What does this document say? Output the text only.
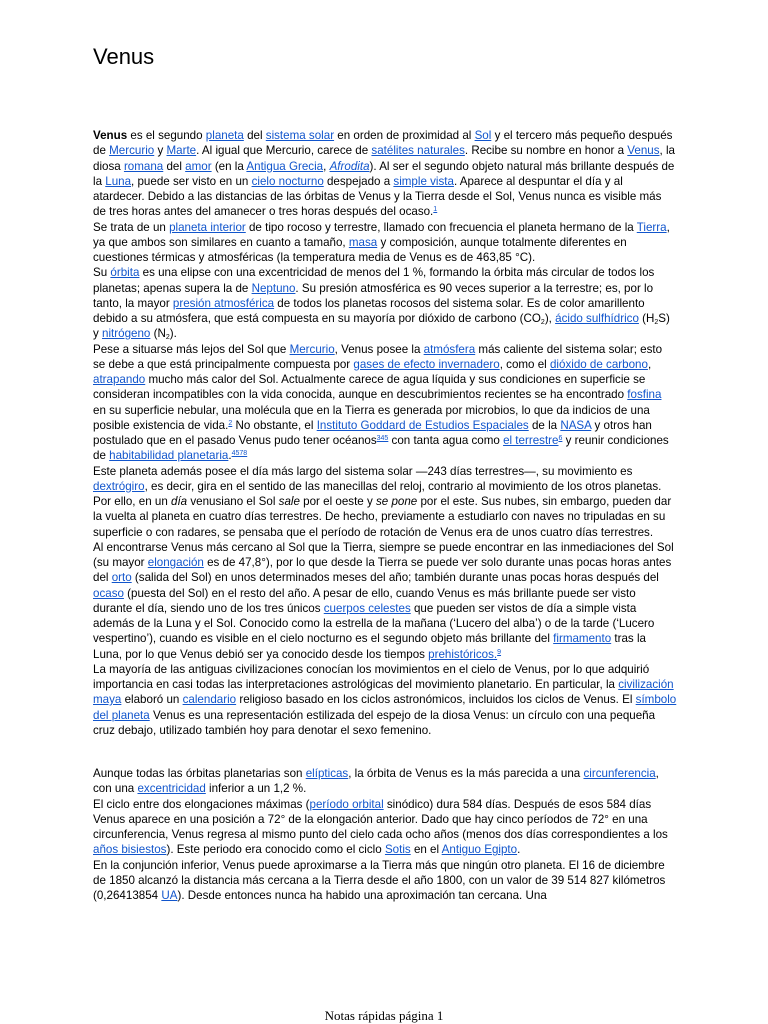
Venus

Venus es el segundo planeta del sistema solar en orden de proximidad al Sol y el tercero más pequeño después de Mercurio y Marte. Al igual que Mercurio, carece de satélites naturales. Recibe su nombre en honor a Venus, la diosa romana del amor (en la Antigua Grecia, Afrodita). Al ser el segundo objeto natural más brillante después de la Luna, puede ser visto en un cielo nocturno despejado a simple vista. Aparece al despuntar el día y al atardecer. Debido a las distancias de las órbitas de Venus y la Tierra desde el Sol, Venus nunca es visible más de tres horas antes del amanecer o tres horas después del ocaso.$^1$

Se trata de un planeta interior de tipo rocoso y terrestre, llamado con frecuencia el planeta hermano de la Tierra, ya que ambos son similares en cuanto a tamaño, masa y composición, aunque totalmente diferentes en cuestiones térmicas y atmosféricas (la temperatura media de Venus es de 463,85 °C).

Su órbita es una elipse con una excentricidad de menos del 1 %, formando la órbita más circular de todos los planetas; apenas supera la de Neptuno. Su presión atmosférica es 90 veces superior a la terrestre; es, por lo tanto, la mayor presión atmosférica de todos los planetas rocosos del sistema solar. Es de color amarillento debido a su atmósfera, que está compuesta en su mayoría por dióxido de carbono (CO2), ácido sulfhídrico (H2S) y nitrógeno (N2).

Pese a situarse más lejos del Sol que Mercurio, Venus posee la atmósfera más caliente del sistema solar; esto se debe a que está principalmente compuesta por gases de efecto invernadero, como el dióxido de carbono, atrapando mucho más calor del Sol. Actualmente carece de agua líquida y sus condiciones en superficie se consideran incompatibles con la vida conocida, aunque en descubrimientos recientes se ha encontrado fosfina en su superficie nebular, una molécula que en la Tierra es generada por microbios, lo que da indicios de una posible existencia de vida.$^2$ No obstante, el Instituto Goddard de Estudios Espaciales de la NASA y otros han postulado que en el pasado Venus pudo tener océanos$^{345}$ con tanta agua como el terrestre$^6$ y reunir condiciones de habitabilidad planetaria.$^{4578}$

Este planeta además posee el día más largo del sistema solar —243 días terrestres—, su movimiento es dextrógiro, es decir, gira en el sentido de las manecillas del reloj, contrario al movimiento de los otros planetas. Por ello, en un día venusiano el Sol sale por el oeste y se pone por el este. Sus nubes, sin embargo, pueden dar la vuelta al planeta en cuatro días terrestres. De hecho, previamente a estudiarlo con naves no tripuladas en su superficie o con radares, se pensaba que el período de rotación de Venus era de unos cuatro días terrestres.

Al encontrarse Venus más cercano al Sol que la Tierra, siempre se puede encontrar en las inmediaciones del Sol (su mayor elongación es de 47,8°), por lo que desde la Tierra se puede ver solo durante unas pocas horas antes del orto (salida del Sol) en unos determinados meses del año; también durante unas pocas horas después del ocaso (puesta del Sol) en el resto del año. A pesar de ello, cuando Venus es más brillante puede ser visto durante el día, siendo uno de los tres únicos cuerpos celestes que pueden ser vistos de día a simple vista además de la Luna y el Sol. Conocido como la estrella de la mañana (‘Lucero del alba’) o de la tarde (‘Lucero vespertino’), cuando es visible en el cielo nocturno es el segundo objeto más brillante del firmamento tras la Luna, por lo que Venus debió ser ya conocido desde los tiempos prehistóricos.$^9$

La mayoría de las antiguas civilizaciones conocían los movimientos en el cielo de Venus, por lo que adquirió importancia en casi todas las interpretaciones astrológicas del movimiento planetario. En particular, la civilización maya elaboró un calendario religioso basado en los ciclos astronómicos, incluidos los ciclos de Venus. El símbolo del planeta Venus es una representación estilizada del espejo de la diosa Venus: un círculo con una pequeña cruz debajo, utilizado también hoy para denotar el sexo femenino.

Aunque todas las órbitas planetarias son elípticas, la órbita de Venus es la más parecida a una circunferencia, con una excentricidad inferior a un 1,2 %.

El ciclo entre dos elongaciones máximas (período orbital sinódico) dura 584 días. Después de esos 584 días Venus aparece en una posición a 72° de la elongación anterior. Dado que hay cinco períodos de 72° en una circunferencia, Venus regresa al mismo punto del cielo cada ocho años (menos dos días correspondientes a los años bisiestos). Este periodo era conocido como el ciclo Sotis en el Antiguo Egipto.

En la conjunción inferior, Venus puede aproximarse a la Tierra más que ningún otro planeta. El 16 de diciembre de 1850 alcanzó la distancia más cercana a la Tierra desde el año 1800, con un valor de 39 514 827 kilómetros (0,26413854 UA). Desde entonces nunca ha habido una aproximación tan cercana. Una

Notas rápidas página 1
